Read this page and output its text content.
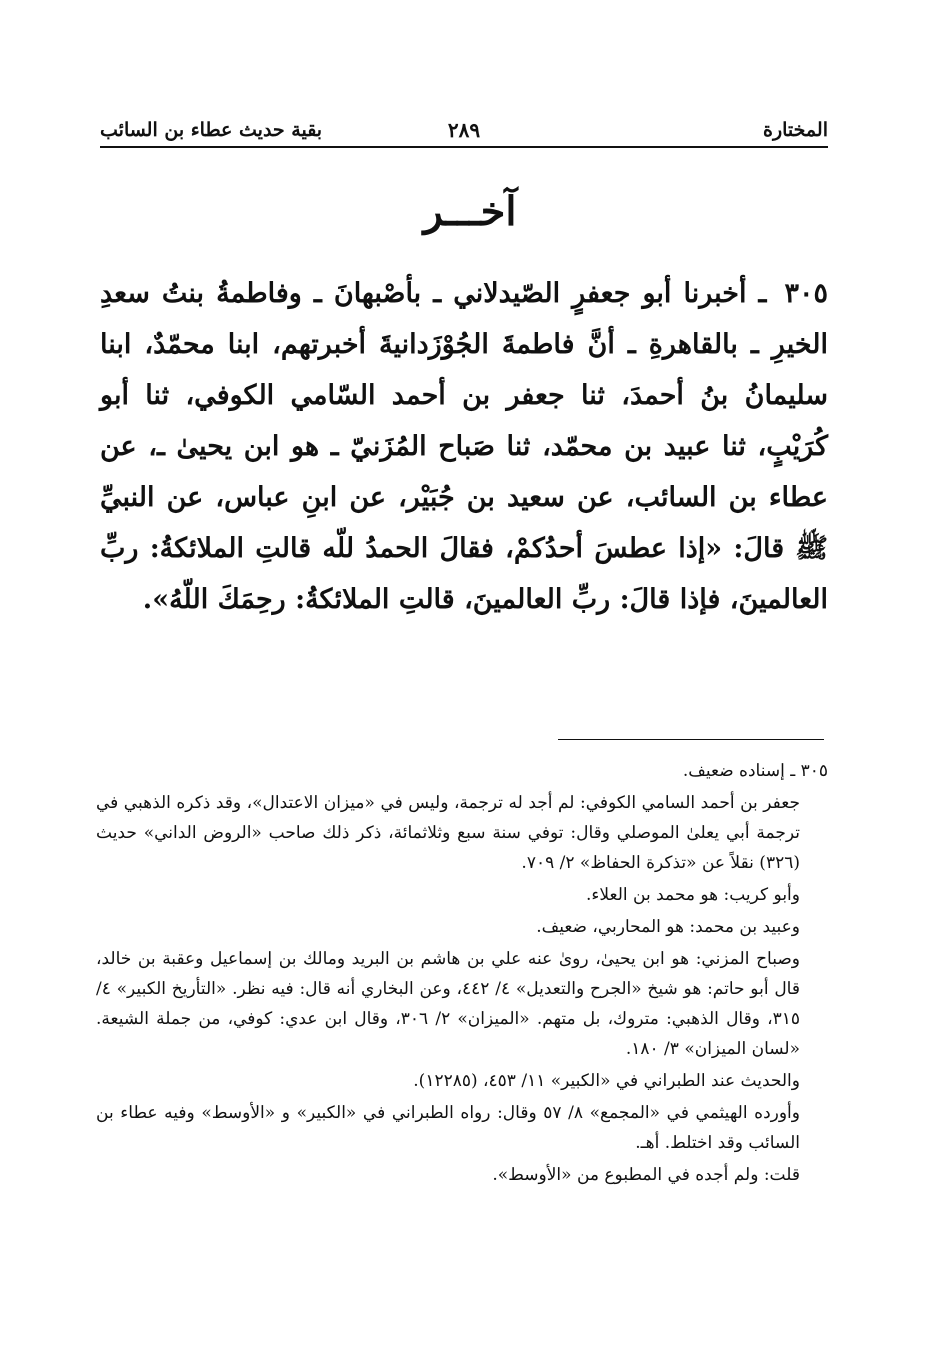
المختارة
٢٨٩
بقية حديث عطاء بن السائب
آخـــر
٣٠٥ ـ أخبرنا أبو جعفرٍ الصّيدلاني ـ بأصْبهانَ ـ وفاطمةُ بنتُ سعدِ الخيرِ ـ بالقاهرةِ ـ أنَّ فاطمةَ الجُوْزَدانيةَ أخبرتهم، ابنا محمّدٌ، ابنا سليمانُ بنُ أحمدَ، ثنا جعفر بن أحمد السّامي الكوفي، ثنا أبو كُرَيْبٍ، ثنا عبيد بن محمّد، ثنا صَباح المُزَنيّ ـ هو ابن يحيىٰ ـ، عن عطاء بن السائب، عن سعيد بن جُبَيْر، عن ابنِ عباس، عن النبيِّ ﷺ قالَ: «إذا عطسَ أحدُكمْ، فقالَ الحمدُ للّه قالتِ الملائكةُ: ربِّ العالمينَ، فإذا قالَ: ربِّ العالمينَ، قالتِ الملائكةُ: رحِمَكَ اللّهُ».

٣٠٥ ـ إسناده ضعيف.

جعفر بن أحمد السامي الكوفي: لم أجد له ترجمة، وليس في «ميزان الاعتدال»، وقد ذكره الذهبي في ترجمة أبي يعلىٰ الموصلي وقال: توفي سنة سبع وثلاثمائة، ذكر ذلك صاحب «الروض الداني» حديث (٣٢٦) نقلاً عن «تذكرة الحفاظ» ٢/ ٧٠٩.

وأبو كريب: هو محمد بن العلاء.

وعبيد بن محمد: هو المحاربي، ضعيف.

وصباح المزني: هو ابن يحيىٰ، روىٰ عنه علي بن هاشم بن البريد ومالك بن إسماعيل وعقبة بن خالد، قال أبو حاتم: هو شيخ «الجرح والتعديل» ٤/ ٤٤٢، وعن البخاري أنه قال: فيه نظر. «التأريخ الكبير» ٤/ ٣١٥، وقال الذهبي: متروك، بل متهم. «الميزان» ٢/ ٣٠٦، وقال ابن عدي: كوفي، من جملة الشيعة. «لسان الميزان» ٣/ ١٨٠.

والحديث عند الطبراني في «الكبير» ١١/ ٤٥٣، (١٢٢٨٥).

وأورده الهيثمي في «المجمع» ٨/ ٥٧ وقال: رواه الطبراني في «الكبير» و «الأوسط» وفيه عطاء بن السائب وقد اختلط. أهـ.

قلت: ولم أجده في المطبوع من «الأوسط».
